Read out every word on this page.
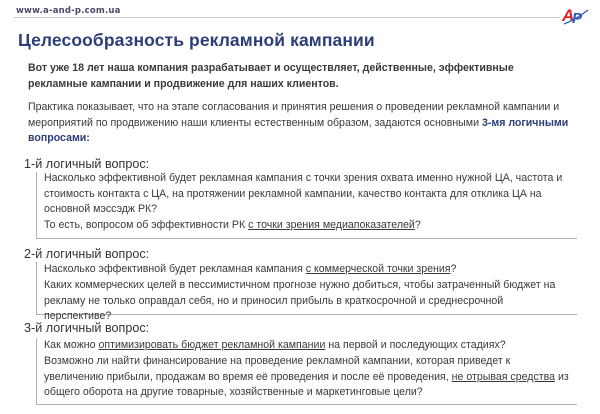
www.a-and-p.com.ua	A
P
Целесообразность рекламной кампании

Вот уже 18 лет наша компания разрабатывает и осуществляет, действенные, эффективные рекламные кампании и продвижение для наших клиентов.

Практика показывает, что на этапе согласования и принятия решения о проведении рекламной кампании и мероприятий по продвижению наши клиенты естественным образом, задаются основными 3-мя логичными вопросами:

1-й логичный вопрос:

Насколько эффективной будет рекламная кампания с точки зрения охвата именно нужной ЦА, частота и стоимость контакта с ЦА, на протяжении рекламной кампании, качество контакта для отклика ЦА на основной мэссэдж РК?

То есть, вопросом об эффективности РК с точки зрения медиапоказателей?

2-й логичный вопрос:

Насколько эффективной будет рекламная кампания с коммерческой точки зрения?

Каких коммерческих целей в пессимистичном прогнозе нужно добиться, чтобы затраченный бюджет на рекламу не только оправдал себя, но и приносил прибыль в краткосрочной и среднесрочной перспективе?

3-й логичный вопрос:

Как можно оптимизировать бюджет рекламной кампании на первой и последующих стадиях?

Возможно ли найти финансирование на проведение рекламной кампании, которая приведет к увеличению прибыли, продажам во время её проведения и после её проведения, не отрывая средства из общего оборота на другие товарные, хозяйственные и маркетинговые цели?
